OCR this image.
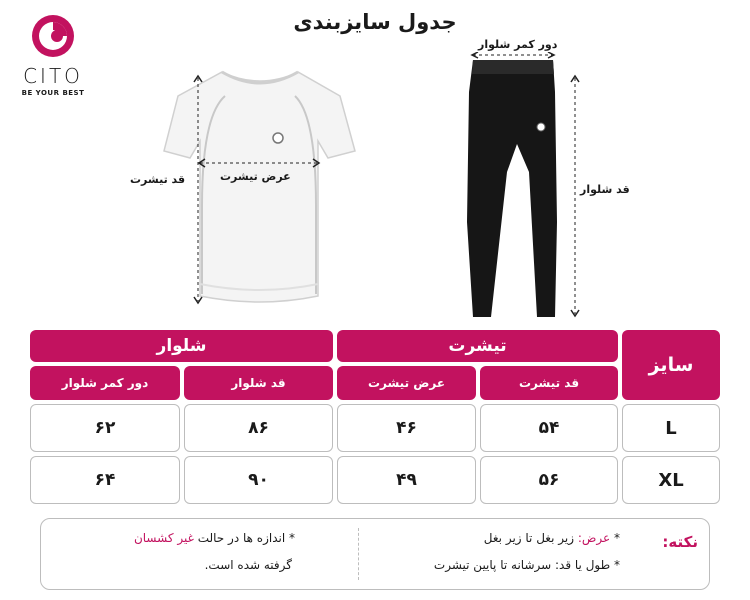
CITO
BE YOUR BEST
جدول سایزبندی
قد تیشرت	عرض تیشرت
دور کمر شلوار
قد شلوار
شلوار	تیشرت
سایز
دور کمر شلوار	قد شلوار	عرض تیشرت	قد تیشرت
۶۲	۸۶	۴۶	۵۴	L
۶۴	۹۰	۴۹	۵۶	XL
نکته:
* عرض: زیر بغل تا زیر بغل
* طول یا قد: سرشانه تا پایین تیشرت
* اندازه ها در حالت غیر کشسان
گرفته شده است.
